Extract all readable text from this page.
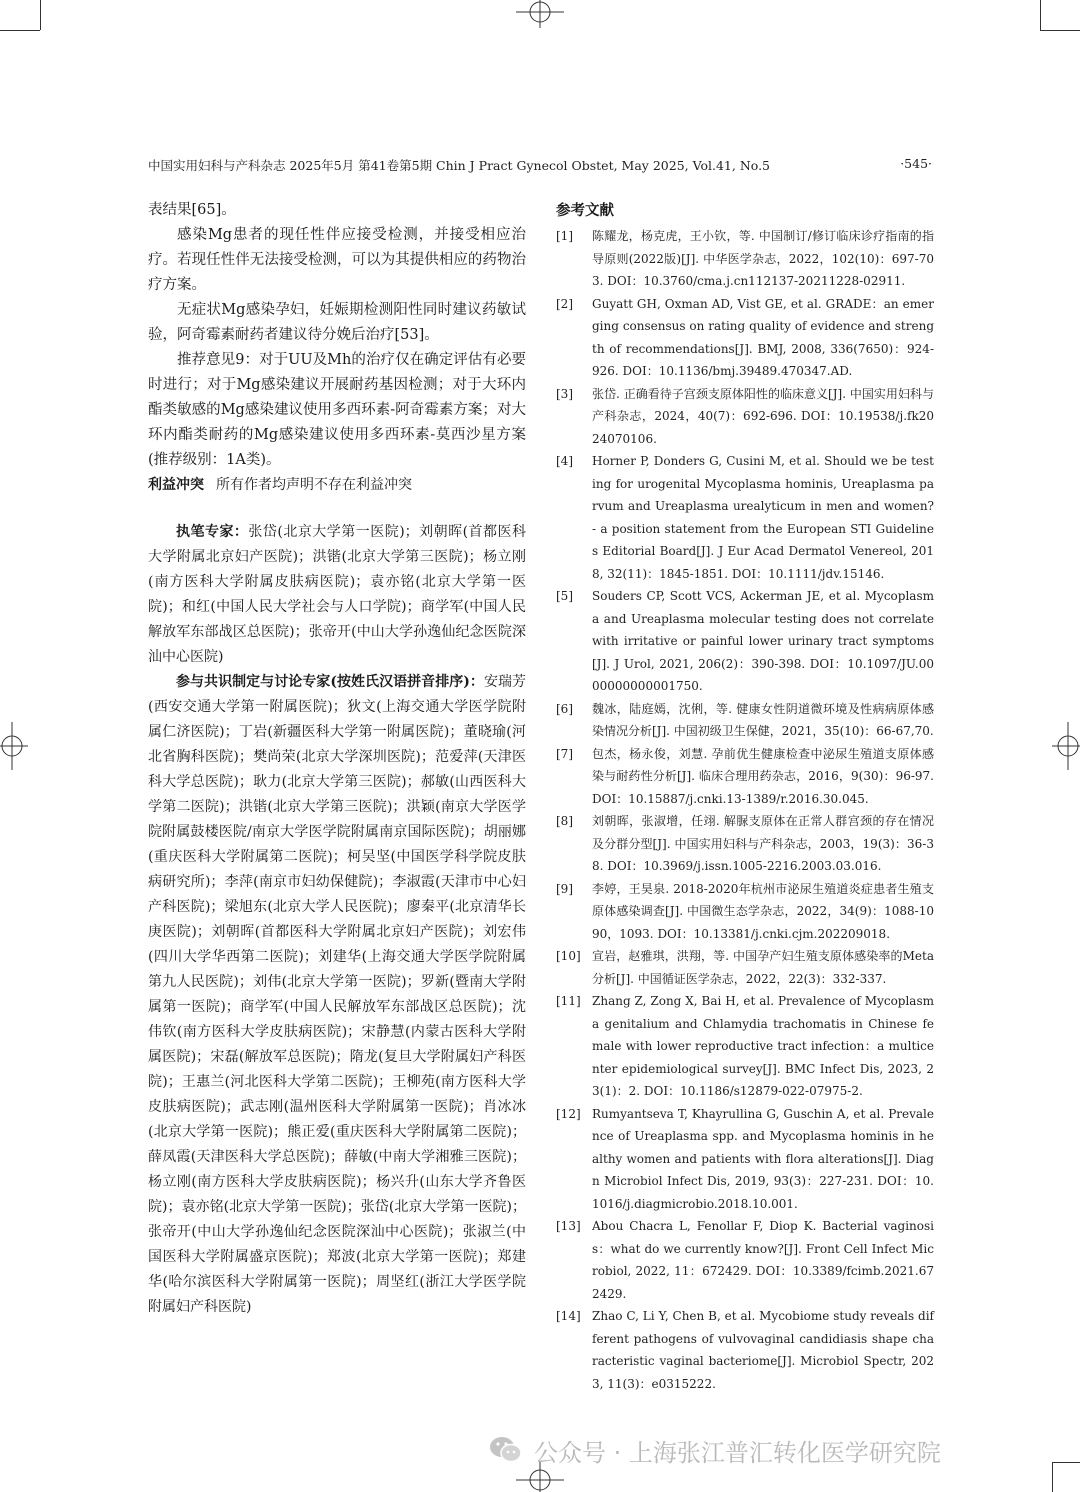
中国实用妇科与产科杂志 2025年5月 第41卷第5期 Chin J Pract Gynecol Obstet, May 2025, Vol.41, No.5	·545·

表结果[65]。

感染Mg患者的现任性伴应接受检测，并接受相应治疗。若现任性伴无法接受检测，可以为其提供相应的药物治疗方案。

无症状Mg感染孕妇，妊娠期检测阳性同时建议药敏试验，阿奇霉素耐药者建议待分娩后治疗[53]。

推荐意见9：对于UU及Mh的治疗仅在确定评估有必要时进行；对于Mg感染建议开展耐药基因检测；对于大环内酯类敏感的Mg感染建议使用多西环素-阿奇霉素方案；对大环内酯类耐药的Mg感染建议使用多西环素-莫西沙星方案(推荐级别：1A类)。

利益冲突 所有作者均声明不存在利益冲突

执笔专家：张岱(北京大学第一医院)；刘朝晖(首都医科大学附属北京妇产医院)；洪锴(北京大学第三医院)；杨立刚(南方医科大学附属皮肤病医院)；袁亦铭(北京大学第一医院)；和红(中国人民大学社会与人口学院)；商学军(中国人民解放军东部战区总医院)；张帝开(中山大学孙逸仙纪念医院深汕中心医院)

参与共识制定与讨论专家(按姓氏汉语拼音排序)：安瑞芳(西安交通大学第一附属医院)；狄文(上海交通大学医学院附属仁济医院)；丁岩(新疆医科大学第一附属医院)；董晓瑜(河北省胸科医院)；樊尚荣(北京大学深圳医院)；范爱萍(天津医科大学总医院)；耿力(北京大学第三医院)；郝敏(山西医科大学第二医院)；洪锴(北京大学第三医院)；洪颖(南京大学医学院附属鼓楼医院/南京大学医学院附属南京国际医院)；胡丽娜(重庆医科大学附属第二医院)；柯吴坚(中国医学科学院皮肤病研究所)；李萍(南京市妇幼保健院)；李淑霞(天津市中心妇产科医院)；梁旭东(北京大学人民医院)；廖秦平(北京清华长庚医院)；刘朝晖(首都医科大学附属北京妇产医院)；刘宏伟(四川大学华西第二医院)；刘建华(上海交通大学医学院附属第九人民医院)；刘伟(北京大学第一医院)；罗新(暨南大学附属第一医院)；商学军(中国人民解放军东部战区总医院)；沈伟钦(南方医科大学皮肤病医院)；宋静慧(内蒙古医科大学附属医院)；宋磊(解放军总医院)；隋龙(复旦大学附属妇产科医院)；王惠兰(河北医科大学第二医院)；王柳苑(南方医科大学皮肤病医院)；武志刚(温州医科大学附属第一医院)；肖冰冰(北京大学第一医院)；熊正爱(重庆医科大学附属第二医院)；薛凤霞(天津医科大学总医院)；薛敏(中南大学湘雅三医院)；杨立刚(南方医科大学皮肤病医院)；杨兴升(山东大学齐鲁医院)；袁亦铭(北京大学第一医院)；张岱(北京大学第一医院)；张帝开(中山大学孙逸仙纪念医院深汕中心医院)；张淑兰(中国医科大学附属盛京医院)；郑波(北京大学第一医院)；郑建华(哈尔滨医科大学附属第一医院)；周坚红(浙江大学医学院附属妇产科医院)

参考文献

[1]	陈耀龙，杨克虎，王小钦，等. 中国制订/修订临床诊疗指南的指导原则(2022版)[J]. 中华医学杂志，2022，102(10)：697-703. DOI：10.3760/cma.j.cn112137-20211228-02911.
[2]	Guyatt GH, Oxman AD, Vist GE, et al. GRADE：an emerging consensus on rating quality of evidence and strength of recommendations[J]. BMJ, 2008, 336(7650)：924-926. DOI：10.1136/bmj.39489.470347.AD.
[3]	张岱. 正确看待子宫颈支原体阳性的临床意义[J]. 中国实用妇科与产科杂志，2024，40(7)：692-696. DOI：10.19538/j.fk2024070106.
[4]	Horner P, Donders G, Cusini M, et al. Should we be testing for urogenital Mycoplasma hominis, Ureaplasma parvum and Ureaplasma urealyticum in men and women? - a position statement from the European STI Guidelines Editorial Board[J]. J Eur Acad Dermatol Venereol, 2018, 32(11)：1845-1851. DOI：10.1111/jdv.15146.
[5]	Souders CP, Scott VCS, Ackerman JE, et al. Mycoplasma and Ureaplasma molecular testing does not correlate with irritative or painful lower urinary tract symptoms[J]. J Urol, 2021, 206(2)：390-398. DOI：10.1097/JU.0000000000001750.
[6]	魏冰，陆庭嫣，沈俐，等. 健康女性阴道微环境及性病病原体感染情况分析[J]. 中国初级卫生保健，2021，35(10)：66-67,70.
[7]	包杰，杨永俊，刘慧. 孕前优生健康检查中泌尿生殖道支原体感染与耐药性分析[J]. 临床合理用药杂志，2016，9(30)：96-97. DOI：10.15887/j.cnki.13-1389/r.2016.30.045.
[8]	刘朝晖，张淑增，任翊. 解脲支原体在正常人群宫颈的存在情况及分群分型[J]. 中国实用妇科与产科杂志，2003，19(3)：36-38. DOI：10.3969/j.issn.1005-2216.2003.03.016.
[9]	李婷，王昊泉. 2018-2020年杭州市泌尿生殖道炎症患者生殖支原体感染调查[J]. 中国微生态学杂志，2022，34(9)：1088-1090，1093. DOI：10.13381/j.cnki.cjm.202209018.
[10] 宣岩，赵雅琪，洪翔，等. 中国孕产妇生殖支原体感染率的Meta分析[J]. 中国循证医学杂志，2022，22(3)：332-337.
[11] Zhang Z, Zong X, Bai H, et al. Prevalence of Mycoplasma genitalium and Chlamydia trachomatis in Chinese female with lower reproductive tract infection：a multicenter epidemiological survey[J]. BMC Infect Dis, 2023, 23(1)：2. DOI：10.1186/s12879-022-07975-2.
[12] Rumyantseva T, Khayrullina G, Guschin A, et al. Prevalence of Ureaplasma spp. and Mycoplasma hominis in healthy women and patients with flora alterations[J]. Diagn Microbiol Infect Dis, 2019, 93(3)：227-231. DOI：10.1016/j.diagmicrobio.2018.10.001.
[13] Abou Chacra L, Fenollar F, Diop K. Bacterial vaginosis：what do we currently know?[J]. Front Cell Infect Microbiol, 2022, 11：672429. DOI：10.3389/fcimb.2021.672429.
[14] Zhao C, Li Y, Chen B, et al. Mycobiome study reveals different pathogens of vulvovaginal candidiasis shape characteristic vaginal bacteriome[J]. Microbiol Spectr, 2023, 11(3)：e0315222.
公众号 · 上海张江普汇转化医学研究院
